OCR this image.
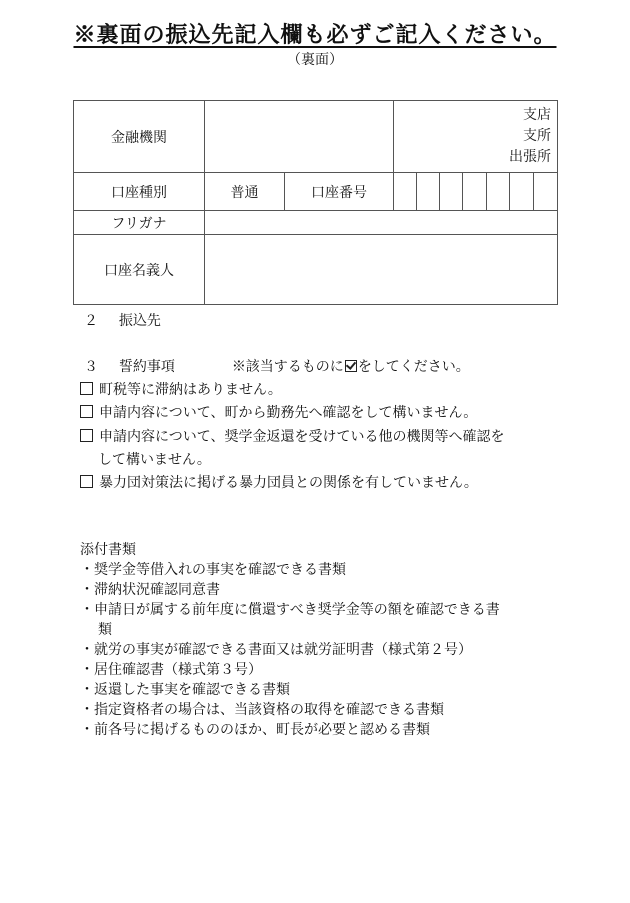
※裏面の振込先記入欄も必ずご記入ください。
（裏面）
金融機関			支店
支所
出張所						

口座種別	普通	口座番号							
フリガナ									
口座名義人									
２ 振込先
３ 誓約事項	※該当するものに をしてください。
町税等に滞納はありません。
申請内容について、町から勤務先へ確認をして構いません。
申請内容について、奨学金返還を受けている他の機関等へ確認を
して構いません。
暴力団対策法に掲げる暴力団員との関係を有していません。
添付書類
・奨学金等借入れの事実を確認できる書類
・滞納状況確認同意書
・申請日が属する前年度に償還すべき奨学金等の額を確認できる書
類
・就労の事実が確認できる書面又は就労証明書（様式第２号）
・居住確認書（様式第３号）
・返還した事実を確認できる書類
・指定資格者の場合は、当該資格の取得を確認できる書類
・前各号に掲げるもののほか、町長が必要と認める書類
